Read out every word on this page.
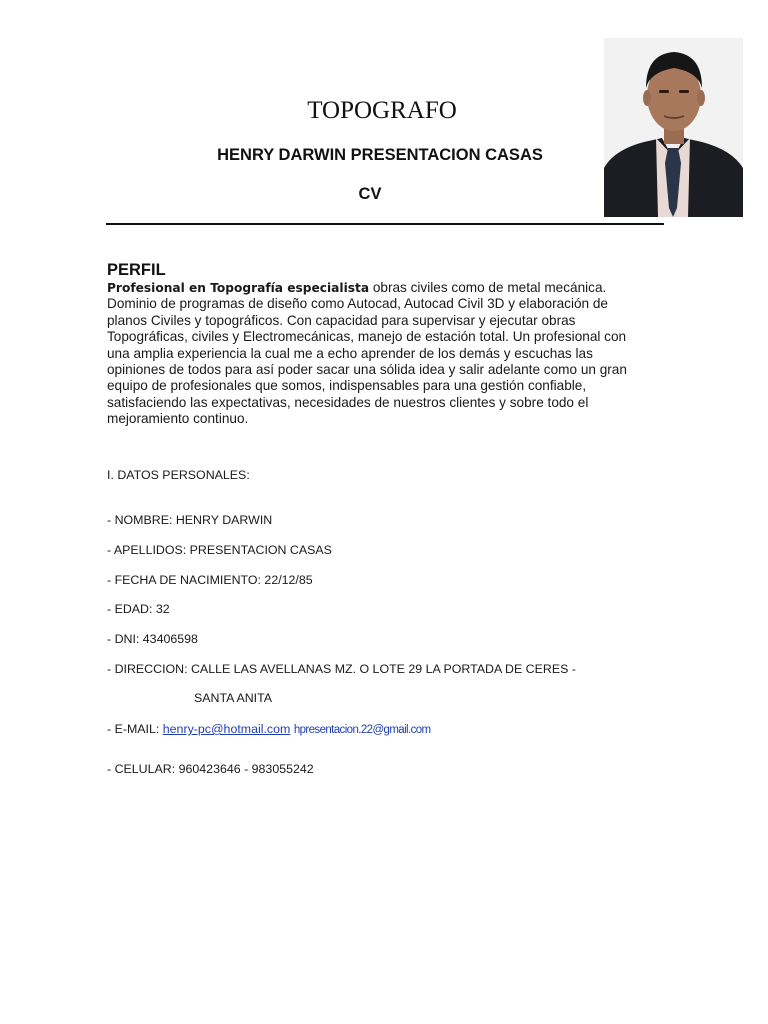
TOPOGRAFO
HENRY DARWIN PRESENTACION CASAS
CV
PERFIL
Profesional en Topografía especialista obras civiles como de metal mecánica. Dominio de programas de diseño como Autocad, Autocad Civil 3D y elaboración de planos Civiles y topográficos. Con capacidad para supervisar y ejecutar obras Topográficas, civiles y Electromecánicas, manejo de estación total. Un profesional con una amplia experiencia la cual me a echo aprender de los demás y escuchas las opiniones de todos para así poder sacar una sólida idea y salir adelante como un gran equipo de profesionales que somos, indispensables para una gestión confiable, satisfaciendo las expectativas, necesidades de nuestros clientes y sobre todo el mejoramiento continuo.
I. DATOS PERSONALES:
- NOMBRE: HENRY DARWIN
- APELLIDOS: PRESENTACION CASAS
- FECHA DE NACIMIENTO: 22/12/85
- EDAD: 32
- DNI: 43406598
- DIRECCION: CALLE LAS AVELLANAS MZ. O LOTE 29 LA PORTADA DE CERES -
SANTA ANITA
- E-MAIL: henry-pc@hotmail.com hpresentacion.22@gmail.com
- CELULAR: 960423646 - 983055242
